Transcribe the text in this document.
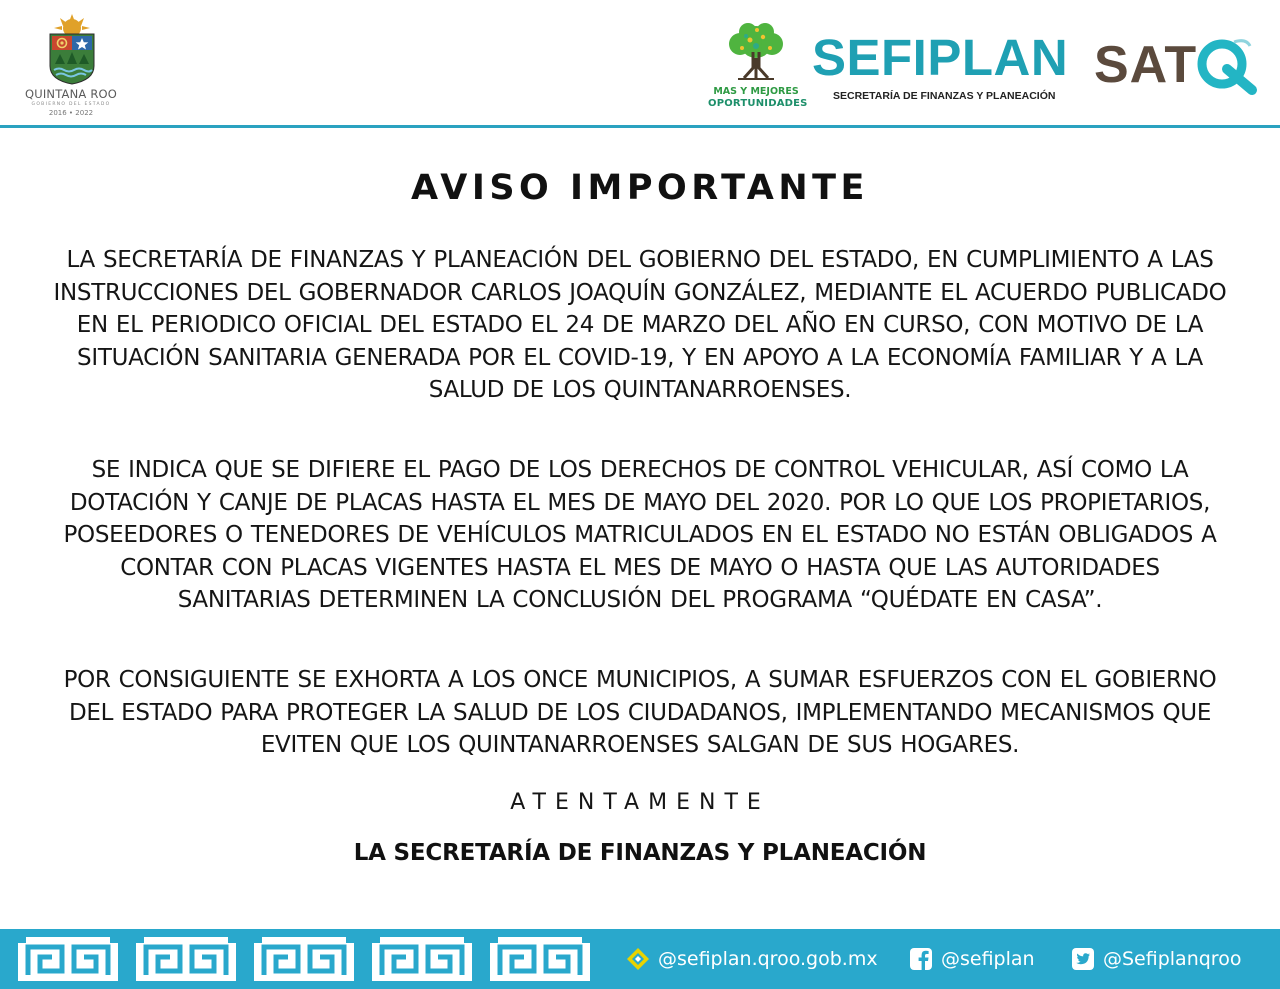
QUINTANA ROO
GOBIERNO DEL ESTADO
2016 • 2022
MAS Y MEJORES
OPORTUNIDADES
SEFIPLAN
SECRETARÍA DE FINANZAS Y PLANEACIÓN
SAT
AVISO IMPORTANTE
LA SECRETARÍA DE FINANZAS Y PLANEACIÓN DEL GOBIERNO DEL ESTADO, EN CUMPLIMIENTO A LAS INSTRUCCIONES DEL GOBERNADOR CARLOS JOAQUÍN GONZÁLEZ, MEDIANTE EL ACUERDO PUBLICADO EN EL PERIODICO OFICIAL DEL ESTADO EL 24 DE MARZO DEL AÑO EN CURSO, CON MOTIVO DE LA SITUACIÓN SANITARIA GENERADA POR EL COVID-19, Y EN APOYO A LA ECONOMÍA FAMILIAR Y A LA SALUD DE LOS QUINTANARROENSES.
SE INDICA QUE SE DIFIERE EL PAGO DE LOS DERECHOS DE CONTROL VEHICULAR, ASÍ COMO LA DOTACIÓN Y CANJE DE PLACAS HASTA EL MES DE MAYO DEL 2020. POR LO QUE LOS PROPIETARIOS, POSEEDORES O TENEDORES DE VEHÍCULOS MATRICULADOS EN EL ESTADO NO ESTÁN OBLIGADOS A CONTAR CON PLACAS VIGENTES HASTA EL MES DE MAYO O HASTA QUE LAS AUTORIDADES SANITARIAS DETERMINEN LA CONCLUSIÓN DEL PROGRAMA “QUÉDATE EN CASA”.
POR CONSIGUIENTE SE EXHORTA A LOS ONCE MUNICIPIOS, A SUMAR ESFUERZOS CON EL GOBIERNO DEL ESTADO PARA PROTEGER LA SALUD DE LOS CIUDADANOS, IMPLEMENTANDO MECANISMOS QUE EVITEN QUE LOS QUINTANARROENSES SALGAN DE SUS HOGARES.
ATENTAMENTE
LA SECRETARÍA DE FINANZAS Y PLANEACIÓN
@sefiplan.qroo.gob.mx	@sefiplan	@Sefiplanqroo
